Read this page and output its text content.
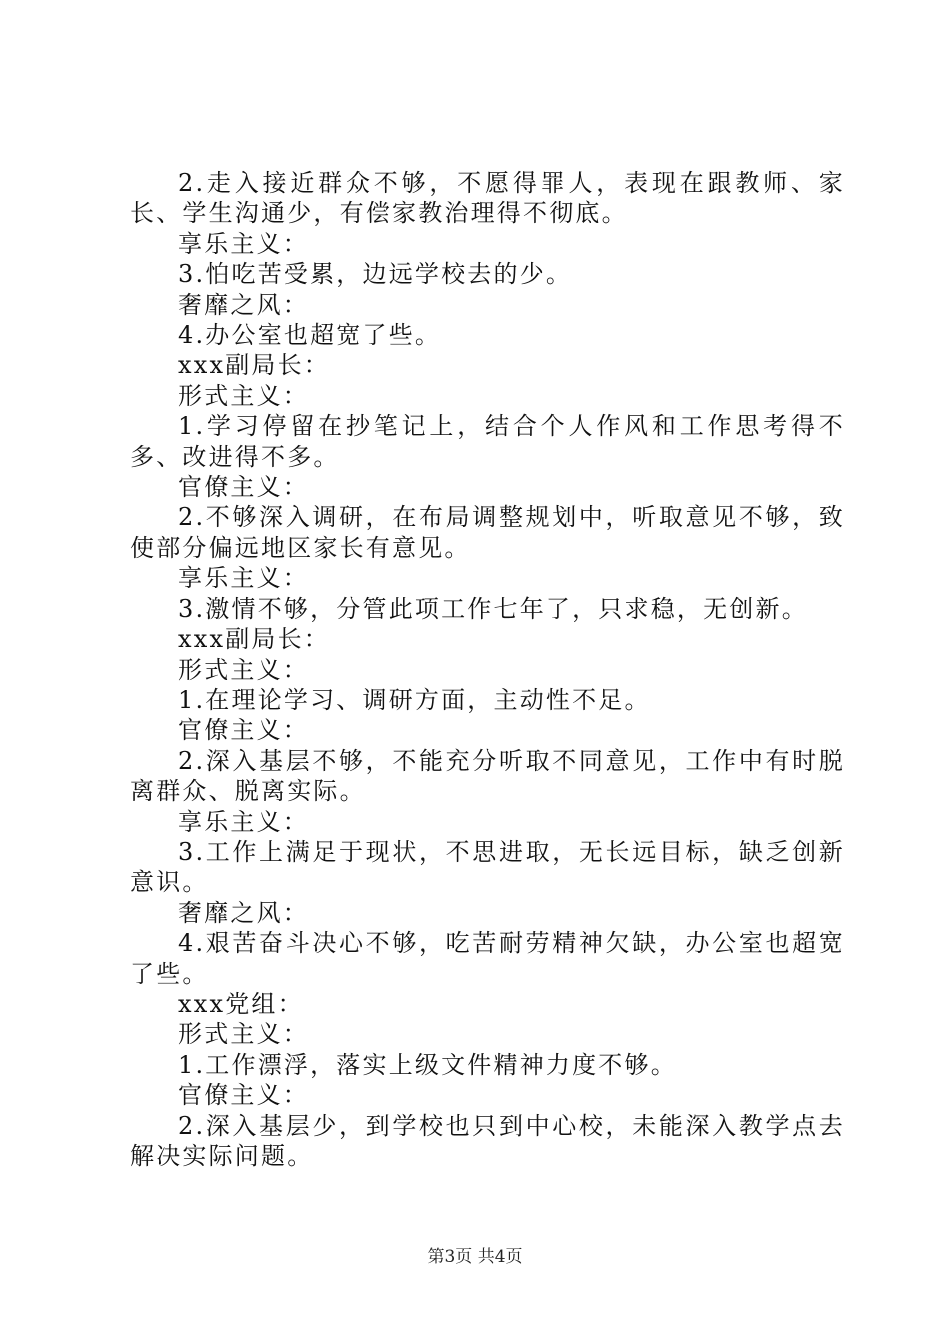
2.走入接近群众不够，不愿得罪人，表现在跟教师、家长、学生沟通少，有偿家教治理得不彻底。

享乐主义：

3.怕吃苦受累，边远学校去的少。

奢靡之风：

4.办公室也超宽了些。

xxx副局长：

形式主义：

1.学习停留在抄笔记上，结合个人作风和工作思考得不多、改进得不多。

官僚主义：

2.不够深入调研，在布局调整规划中，听取意见不够，致使部分偏远地区家长有意见。

享乐主义：

3.激情不够，分管此项工作七年了，只求稳，无创新。

xxx副局长：

形式主义：

1.在理论学习、调研方面，主动性不足。

官僚主义：

2.深入基层不够，不能充分听取不同意见，工作中有时脱离群众、脱离实际。

享乐主义：

3.工作上满足于现状，不思进取，无长远目标，缺乏创新意识。

奢靡之风：

4.艰苦奋斗决心不够，吃苦耐劳精神欠缺，办公室也超宽了些。

xxx党组：

形式主义：

1.工作漂浮，落实上级文件精神力度不够。

官僚主义：

2.深入基层少，到学校也只到中心校，未能深入教学点去解决实际问题。

第3页 共4页
